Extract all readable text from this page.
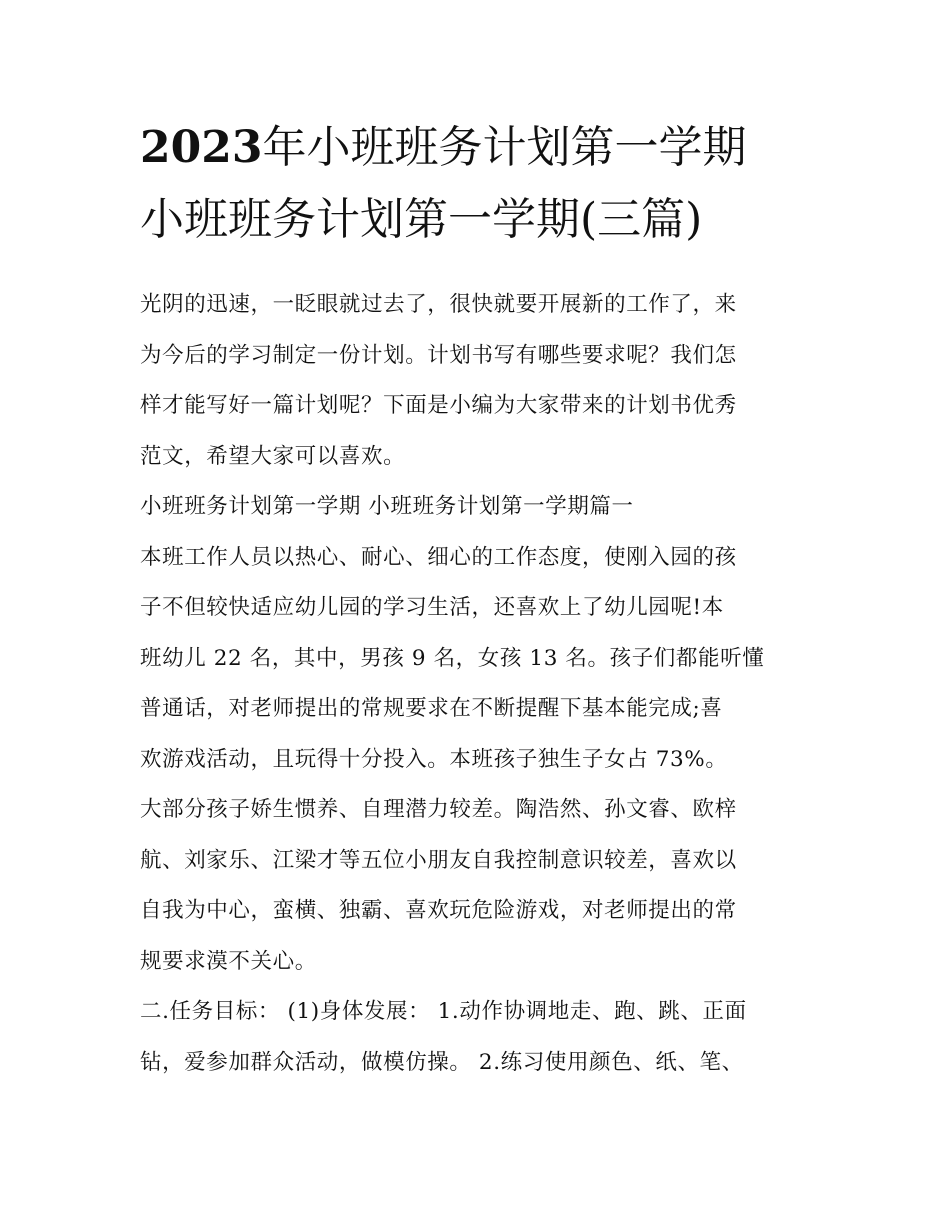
2023年小班班务计划第一学期
小班班务计划第一学期(三篇)

光阴的迅速，一眨眼就过去了，很快就要开展新的工作了，来

为今后的学习制定一份计划。计划书写有哪些要求呢？我们怎

样才能写好一篇计划呢？下面是小编为大家带来的计划书优秀

范文，希望大家可以喜欢。

小班班务计划第一学期 小班班务计划第一学期篇一

本班工作人员以热心、耐心、细心的工作态度，使刚入园的孩

子不但较快适应幼儿园的学习生活，还喜欢上了幼儿园呢!本

班幼儿 22 名，其中，男孩 9 名，女孩 13 名。孩子们都能听懂

普通话，对老师提出的常规要求在不断提醒下基本能完成;喜

欢游戏活动，且玩得十分投入。本班孩子独生子女占 73%。

大部分孩子娇生惯养、自理潜力较差。陶浩然、孙文睿、欧梓

航、刘家乐、江梁才等五位小朋友自我控制意识较差，喜欢以

自我为中心，蛮横、独霸、喜欢玩危险游戏，对老师提出的常

规要求漠不关心。

二.任务目标： (1)身体发展： 1.动作协调地走、跑、跳、正面

钻，爱参加群众活动，做模仿操。 2.练习使用颜色、纸、笔、
